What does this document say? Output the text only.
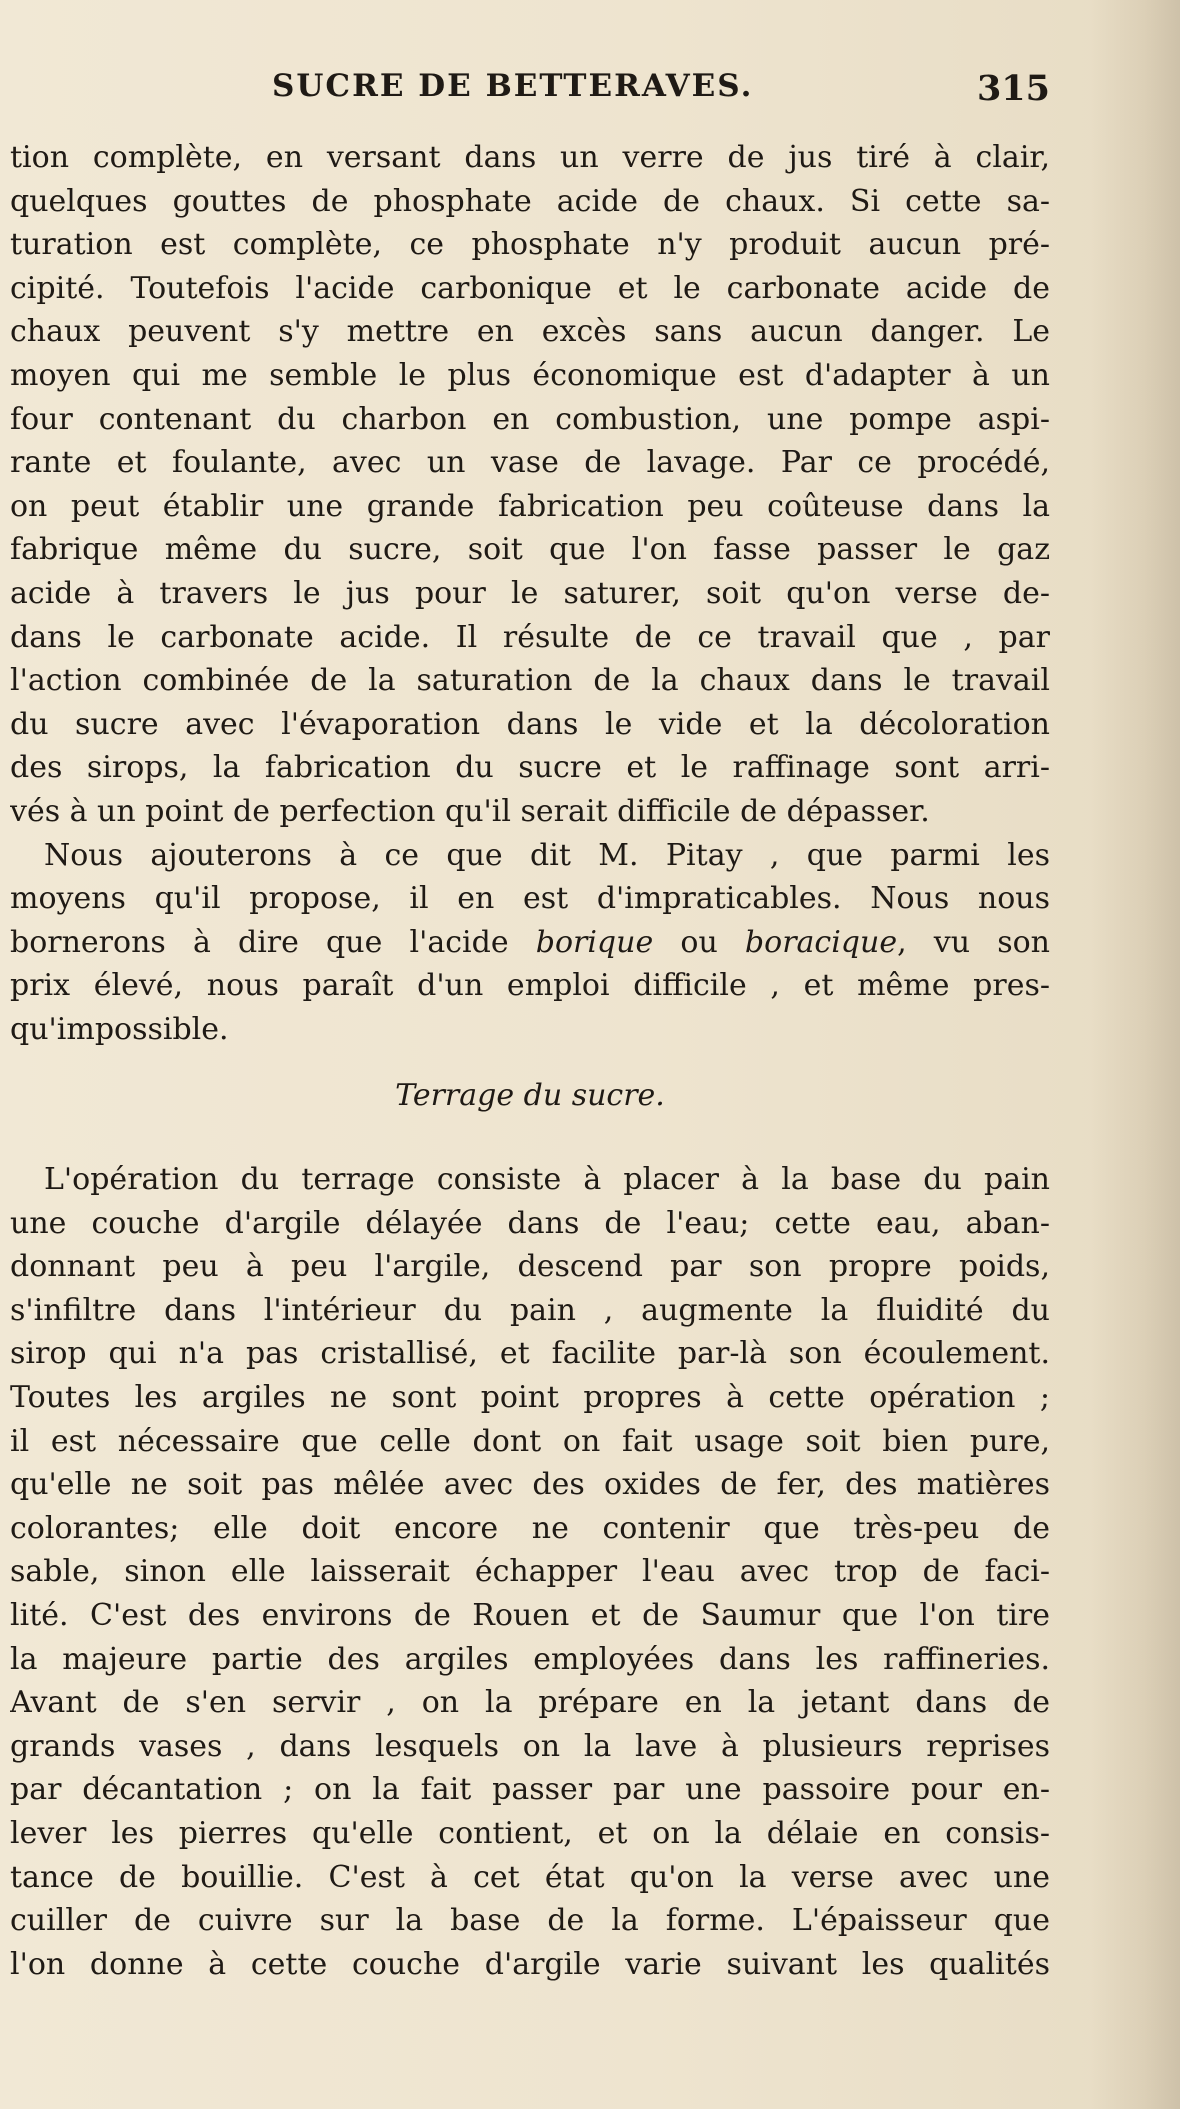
SUCRE DE BETTERAVES.	315
tion complète, en versant dans un verre de jus tiré à clair,
quelques gouttes de phosphate acide de chaux. Si cette sa-
turation est complète, ce phosphate n'y produit aucun pré-
cipité. Toutefois l'acide carbonique et le carbonate acide de
chaux peuvent s'y mettre en excès sans aucun danger. Le
moyen qui me semble le plus économique est d'adapter à un
four contenant du charbon en combustion, une pompe aspi-
rante et foulante, avec un vase de lavage. Par ce procédé,
on peut établir une grande fabrication peu coûteuse dans la
fabrique même du sucre, soit que l'on fasse passer le gaz
acide à travers le jus pour le saturer, soit qu'on verse de-
dans le carbonate acide. Il résulte de ce travail que , par
l'action combinée de la saturation de la chaux dans le travail
du sucre avec l'évaporation dans le vide et la décoloration
des sirops, la fabrication du sucre et le raffinage sont arri-
vés à un point de perfection qu'il serait difficile de dépasser.
Nous ajouterons à ce que dit M. Pitay , que parmi les
moyens qu'il propose, il en est d'impraticables. Nous nous
bornerons à dire que l'acide borique ou boracique, vu son
prix élevé, nous paraît d'un emploi difficile , et même pres-
qu'impossible.
Terrage du sucre.
L'opération du terrage consiste à placer à la base du pain
une couche d'argile délayée dans de l'eau; cette eau, aban-
donnant peu à peu l'argile, descend par son propre poids,
s'infiltre dans l'intérieur du pain , augmente la fluidité du
sirop qui n'a pas cristallisé, et facilite par-là son écoulement.
Toutes les argiles ne sont point propres à cette opération ;
il est nécessaire que celle dont on fait usage soit bien pure,
qu'elle ne soit pas mêlée avec des oxides de fer, des matières
colorantes; elle doit encore ne contenir que très-peu de
sable, sinon elle laisserait échapper l'eau avec trop de faci-
lité. C'est des environs de Rouen et de Saumur que l'on tire
la majeure partie des argiles employées dans les raffineries.
Avant de s'en servir , on la prépare en la jetant dans de
grands vases , dans lesquels on la lave à plusieurs reprises
par décantation ; on la fait passer par une passoire pour en-
lever les pierres qu'elle contient, et on la délaie en consis-
tance de bouillie. C'est à cet état qu'on la verse avec une
cuiller de cuivre sur la base de la forme. L'épaisseur que
l'on donne à cette couche d'argile varie suivant les qualités
